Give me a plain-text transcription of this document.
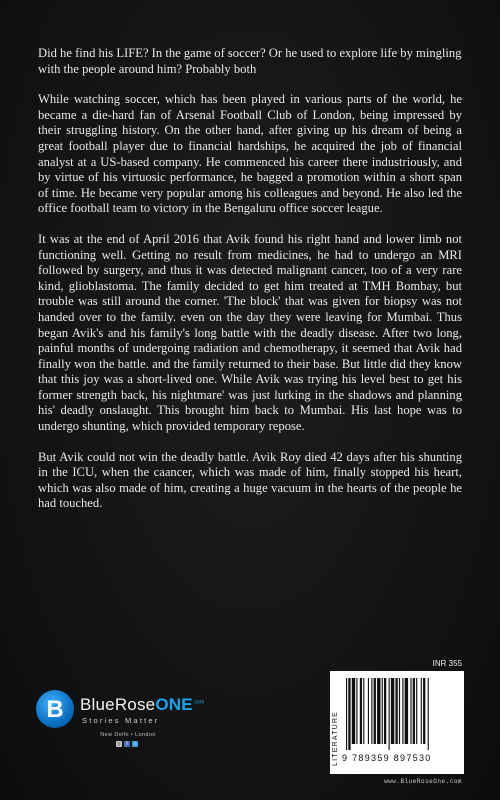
Did he find his LIFE? In the game of soccer? Or he used to explore life by mingling with the people around him? Probably both

While watching soccer, which has been played in various parts of the world, he became a die-hard fan of Arsenal Football Club of London, being impressed by their struggling history. On the other hand, after giving up his dream of being a great football player due to financial hardships, he acquired the job of financial analyst at a US-based company. He commenced his career there industriously, and by virtue of his virtuosic performance, he bagged a promotion within a short span of time. He became very popular among his colleagues and beyond. He also led the office football team to victory in the Bengaluru office soccer league.

It was at the end of April 2016 that Avik found his right hand and lower limb not functioning well. Getting no result from medicines, he had to undergo an MRI followed by surgery, and thus it was detected malignant cancer, too of a very rare kind, glioblastoma. The family decided to get him treated at TMH Bombay, but trouble was still around the corner. 'The block' that was given for biopsy was not handed over to the family. even on the day they were leaving for Mumbai. Thus began Avik's and his family's long battle with the deadly disease. After two long, painful months of undergoing radiation and chemotherapy, it seemed that Avik had finally won the battle. and the family returned to their base. But little did they know that this joy was a short-lived one. While Avik was trying his level best to get his former strength back, his nightmare' was just lurking in the shadows and planning his' deadly onslaught. This brought him back to Mumbai. His last hope was to undergo shunting, which provided temporary repose.

But Avik could not win the deadly battle. Avik Roy died 42 days after his shunting in the ICU, when the caancer, which was made of him, finally stopped his heart, which was also made of him, creating a huge vacuum in the hearts of the people he had touched.

B BlueRoseONE$^{.com}$
Stories Matter
New Delhi • London
◎	f	t
INR 355
LITERATURE 9 789359 897530
www.BlueRoseOne.com
